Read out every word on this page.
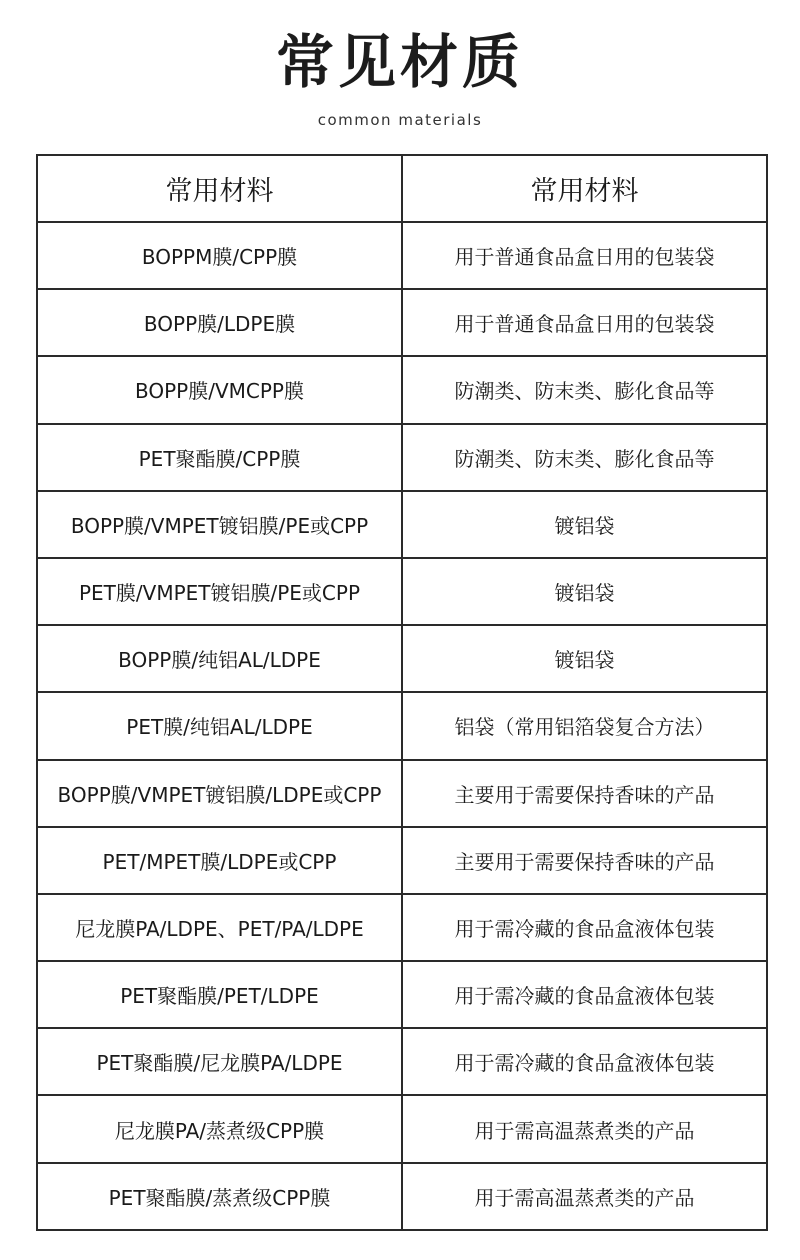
常见材质
common materials
常用材料	常用材料
BOPPM膜/CPP膜	用于普通食品盒日用的包装袋
BOPP膜/LDPE膜	用于普通食品盒日用的包装袋
BOPP膜/VMCPP膜	防潮类、防末类、膨化食品等
PET聚酯膜/CPP膜	防潮类、防末类、膨化食品等
BOPP膜/VMPET镀铝膜/PE或CPP	镀铝袋
PET膜/VMPET镀铝膜/PE或CPP	镀铝袋
BOPP膜/纯铝AL/LDPE	镀铝袋
PET膜/纯铝AL/LDPE	铝袋（常用铝箔袋复合方法）
BOPP膜/VMPET镀铝膜/LDPE或CPP	主要用于需要保持香味的产品
PET/MPET膜/LDPE或CPP	主要用于需要保持香味的产品
尼龙膜PA/LDPE、PET/PA/LDPE	用于需冷藏的食品盒液体包装
PET聚酯膜/PET/LDPE	用于需冷藏的食品盒液体包装
PET聚酯膜/尼龙膜PA/LDPE	用于需冷藏的食品盒液体包装
尼龙膜PA/蒸煮级CPP膜	用于需高温蒸煮类的产品
PET聚酯膜/蒸煮级CPP膜	用于需高温蒸煮类的产品
